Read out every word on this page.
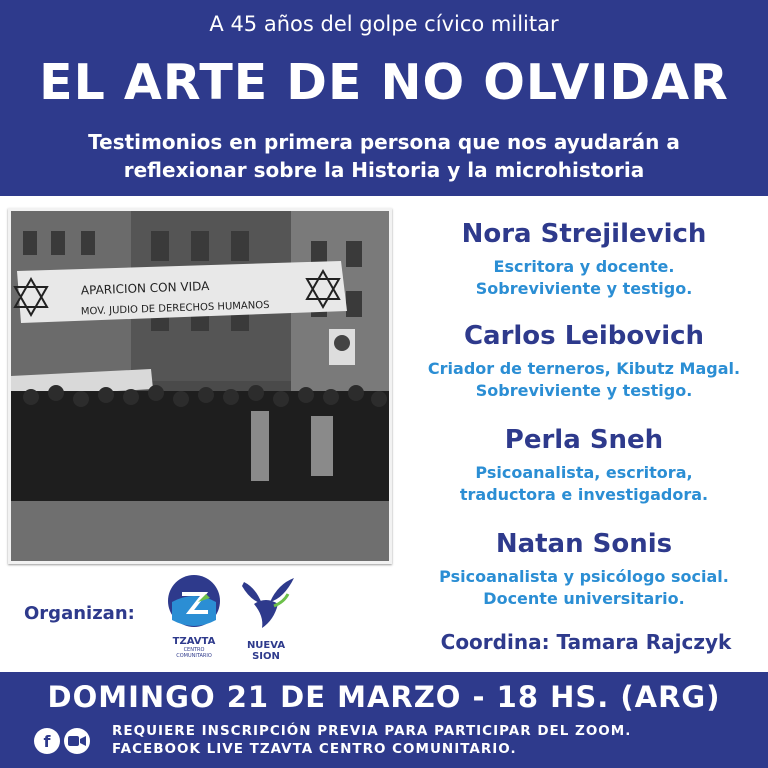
A 45 años del golpe cívico militar
EL ARTE DE NO OLVIDAR
Testimonios en primera persona que nos ayudarán a
reflexionar sobre la Historia y la microhistoria
APARICION CON VIDA
MOV. JUDIO DE DERECHOS HUMANOS
Nora Strejilevich
Escritora y docente.
Sobreviviente y testigo.
Carlos Leibovich
Criador de terneros, Kibutz Magal.
Sobreviviente y testigo.
Perla Sneh
Psicoanalista, escritora,
traductora e investigadora.
Natan Sonis
Psicoanalista y psicólogo social.
Docente universitario.
Organizan:
TZAVTA
CENTRO COMUNITARIO
NUEVA SION
Coordina: Tamara Rajczyk
DOMINGO 21 DE MARZO - 18 HS. (ARG)
f
REQUIERE INSCRIPCIÓN PREVIA PARA PARTICIPAR DEL ZOOM.
FACEBOOK LIVE TZAVTA CENTRO COMUNITARIO.
